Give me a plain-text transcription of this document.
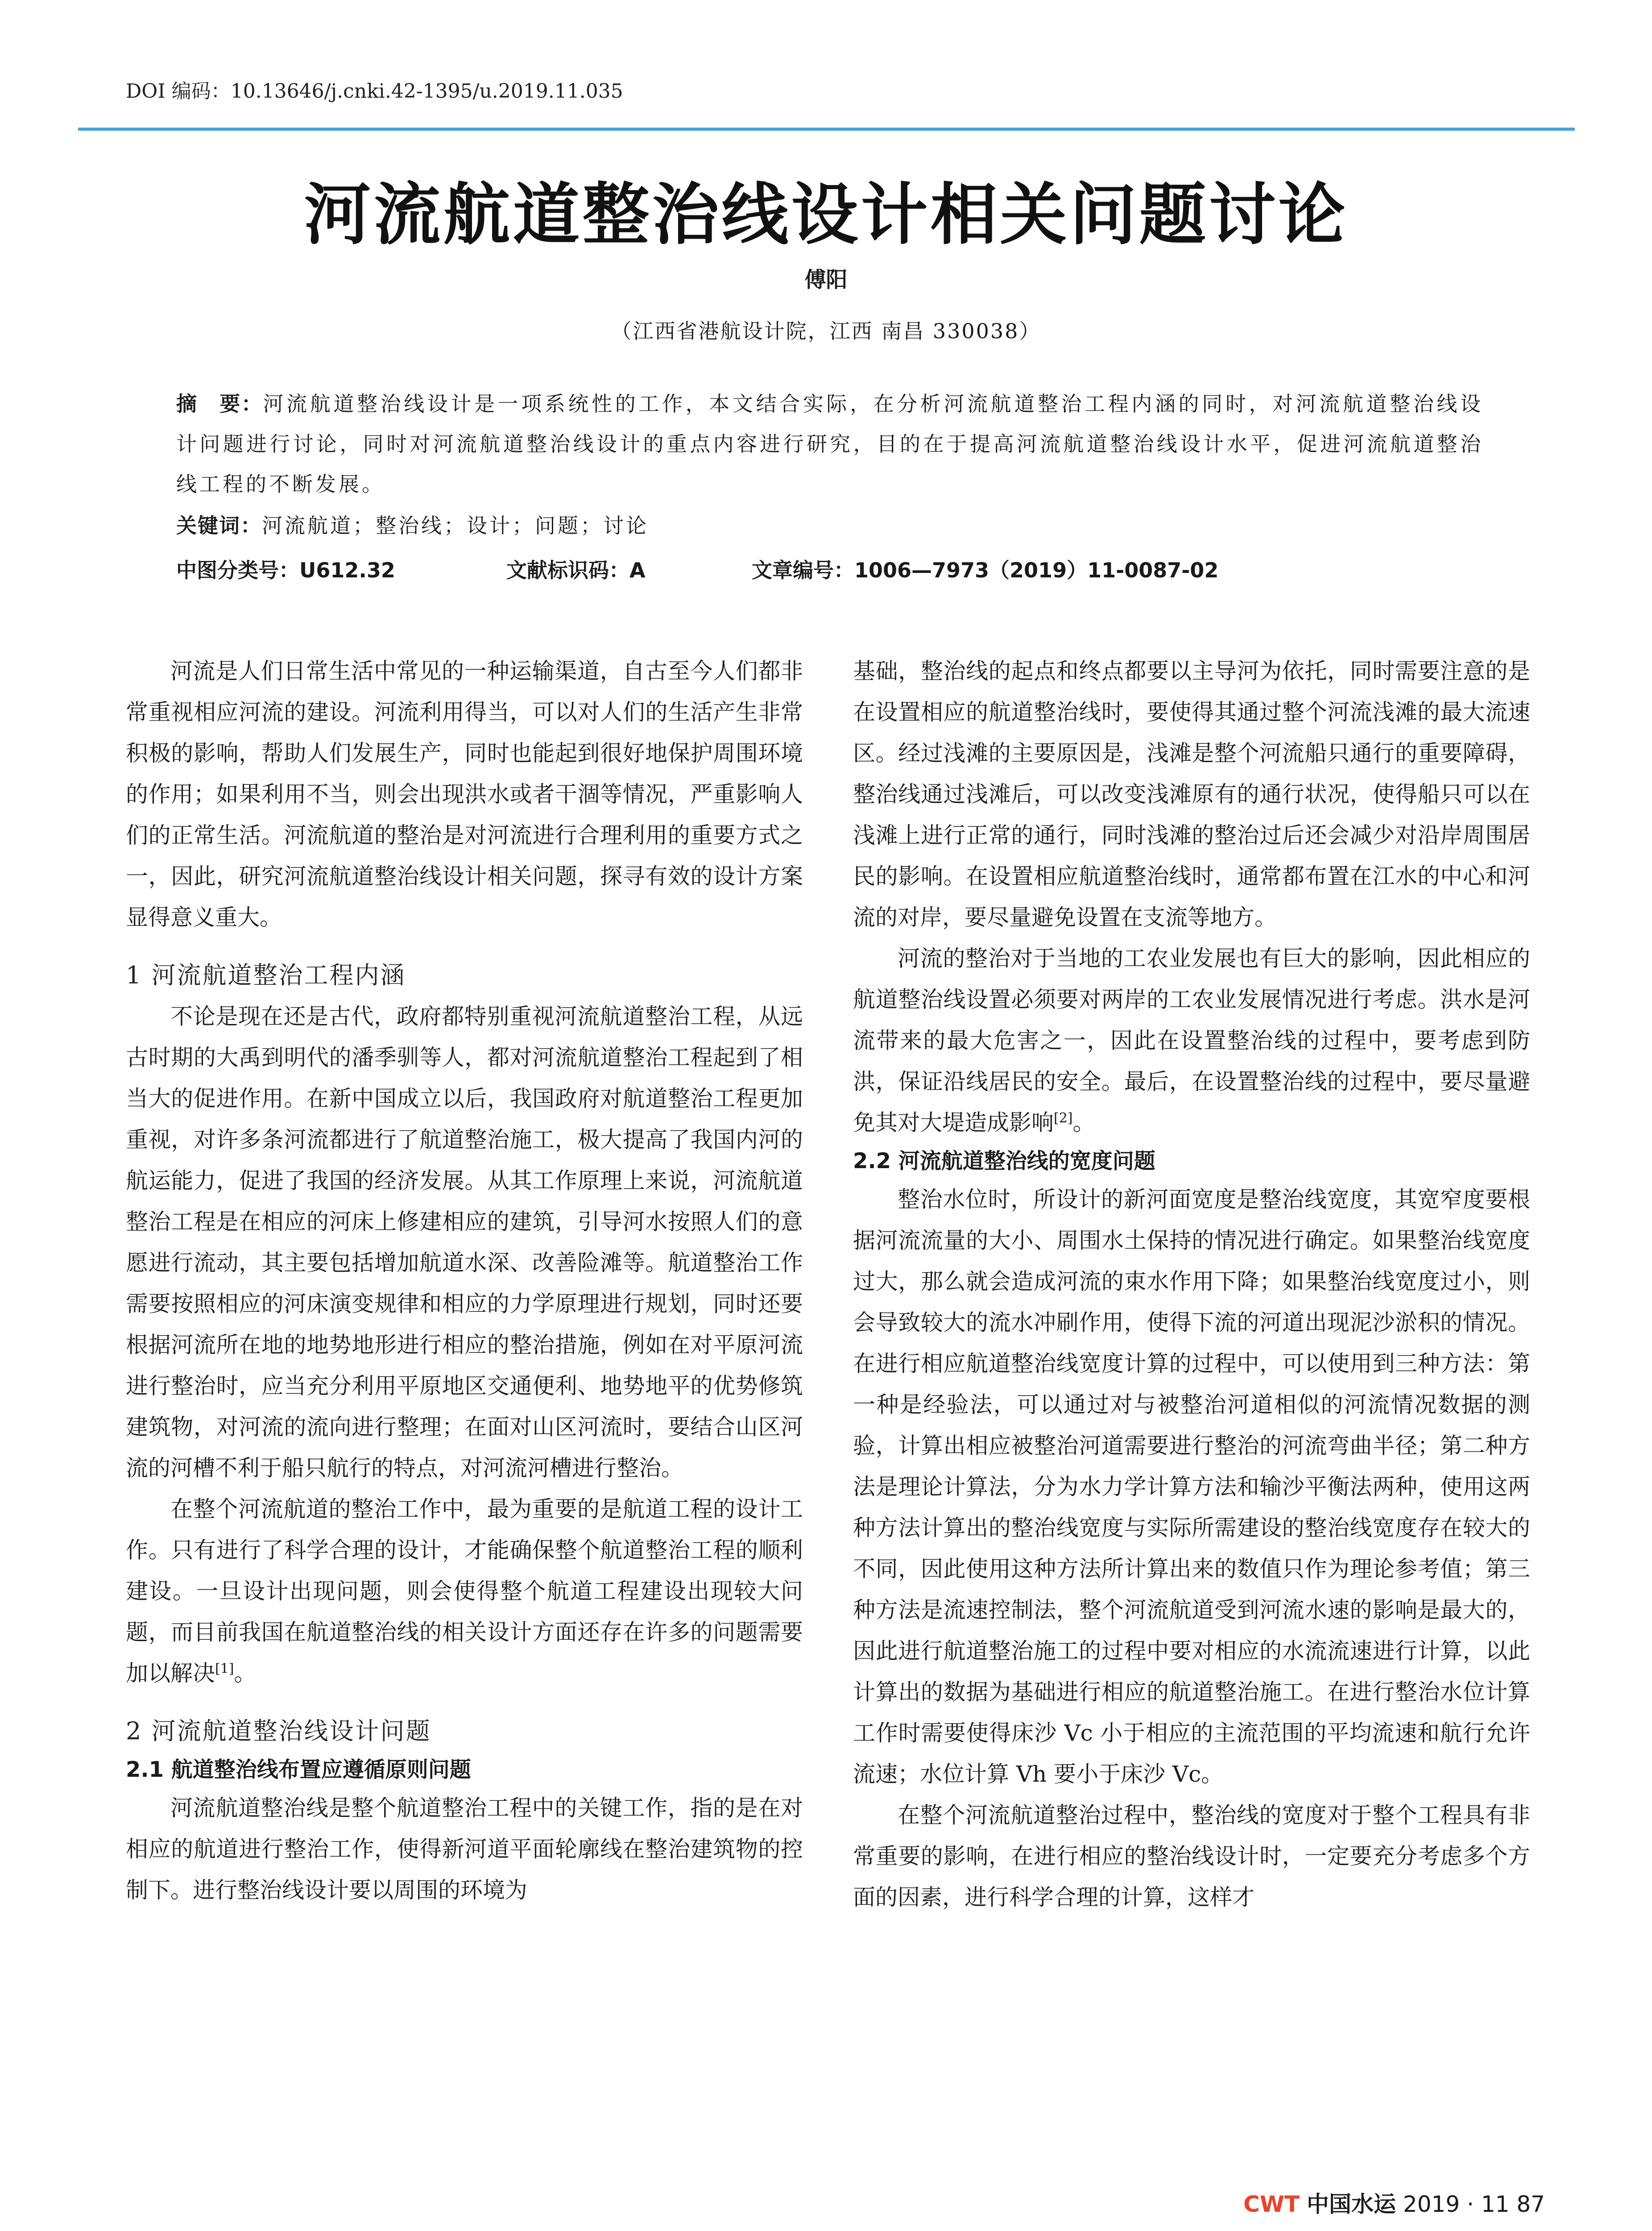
DOI 编码：10.13646/j.cnki.42-1395/u.2019.11.035
河流航道整治线设计相关问题讨论
傅阳
（江西省港航设计院，江西 南昌 330038）
摘　要：河流航道整治线设计是一项系统性的工作，本文结合实际，在分析河流航道整治工程内涵的同时，对河流航道整治线设计问题进行讨论，同时对河流航道整治线设计的重点内容进行研究，目的在于提高河流航道整治线设计水平，促进河流航道整治线工程的不断发展。
关键词：河流航道；整治线；设计；问题；讨论
中图分类号：U612.32	文献标识码：A	文章编号：1006—7973（2019）11-0087-02

河流是人们日常生活中常见的一种运输渠道，自古至今人们都非常重视相应河流的建设。河流利用得当，可以对人们的生活产生非常积极的影响，帮助人们发展生产，同时也能起到很好地保护周围环境的作用；如果利用不当，则会出现洪水或者干涸等情况，严重影响人们的正常生活。河流航道的整治是对河流进行合理利用的重要方式之一，因此，研究河流航道整治线设计相关问题，探寻有效的设计方案显得意义重大。

1 河流航道整治工程内涵

不论是现在还是古代，政府都特别重视河流航道整治工程，从远古时期的大禹到明代的潘季驯等人，都对河流航道整治工程起到了相当大的促进作用。在新中国成立以后，我国政府对航道整治工程更加重视，对许多条河流都进行了航道整治施工，极大提高了我国内河的航运能力，促进了我国的经济发展。从其工作原理上来说，河流航道整治工程是在相应的河床上修建相应的建筑，引导河水按照人们的意愿进行流动，其主要包括增加航道水深、改善险滩等。航道整治工作需要按照相应的河床演变规律和相应的力学原理进行规划，同时还要根据河流所在地的地势地形进行相应的整治措施，例如在对平原河流进行整治时，应当充分利用平原地区交通便利、地势地平的优势修筑建筑物，对河流的流向进行整理；在面对山区河流时，要结合山区河流的河槽不利于船只航行的特点，对河流河槽进行整治。

在整个河流航道的整治工作中，最为重要的是航道工程的设计工作。只有进行了科学合理的设计，才能确保整个航道整治工程的顺利建设。一旦设计出现问题，则会使得整个航道工程建设出现较大问题，而目前我国在航道整治线的相关设计方面还存在许多的问题需要加以解决[1]。

2 河流航道整治线设计问题
2.1 航道整治线布置应遵循原则问题

河流航道整治线是整个航道整治工程中的关键工作，指的是在对相应的航道进行整治工作，使得新河道平面轮廓线在整治建筑物的控制下。进行整治线设计要以周围的环境为

基础，整治线的起点和终点都要以主导河为依托，同时需要注意的是在设置相应的航道整治线时，要使得其通过整个河流浅滩的最大流速区。经过浅滩的主要原因是，浅滩是整个河流船只通行的重要障碍，整治线通过浅滩后，可以改变浅滩原有的通行状况，使得船只可以在浅滩上进行正常的通行，同时浅滩的整治过后还会减少对沿岸周围居民的影响。在设置相应航道整治线时，通常都布置在江水的中心和河流的对岸，要尽量避免设置在支流等地方。

河流的整治对于当地的工农业发展也有巨大的影响，因此相应的航道整治线设置必须要对两岸的工农业发展情况进行考虑。洪水是河流带来的最大危害之一，因此在设置整治线的过程中，要考虑到防洪，保证沿线居民的安全。最后，在设置整治线的过程中，要尽量避免其对大堤造成影响[2]。

2.2 河流航道整治线的宽度问题

整治水位时，所设计的新河面宽度是整治线宽度，其宽窄度要根据河流流量的大小、周围水土保持的情况进行确定。如果整治线宽度过大，那么就会造成河流的束水作用下降；如果整治线宽度过小，则会导致较大的流水冲刷作用，使得下流的河道出现泥沙淤积的情况。在进行相应航道整治线宽度计算的过程中，可以使用到三种方法：第一种是经验法，可以通过对与被整治河道相似的河流情况数据的测验，计算出相应被整治河道需要进行整治的河流弯曲半径；第二种方法是理论计算法，分为水力学计算方法和输沙平衡法两种，使用这两种方法计算出的整治线宽度与实际所需建设的整治线宽度存在较大的不同，因此使用这种方法所计算出来的数值只作为理论参考值；第三种方法是流速控制法，整个河流航道受到河流水速的影响是最大的，因此进行航道整治施工的过程中要对相应的水流流速进行计算，以此计算出的数据为基础进行相应的航道整治施工。在进行整治水位计算工作时需要使得床沙 Vc 小于相应的主流范围的平均流速和航行允许流速；水位计算 Vh 要小于床沙 Vc。

在整个河流航道整治过程中，整治线的宽度对于整个工程具有非常重要的影响，在进行相应的整治线设计时，一定要充分考虑多个方面的因素，进行科学合理的计算，这样才

CWT 中国水运 2019 · 11 87
